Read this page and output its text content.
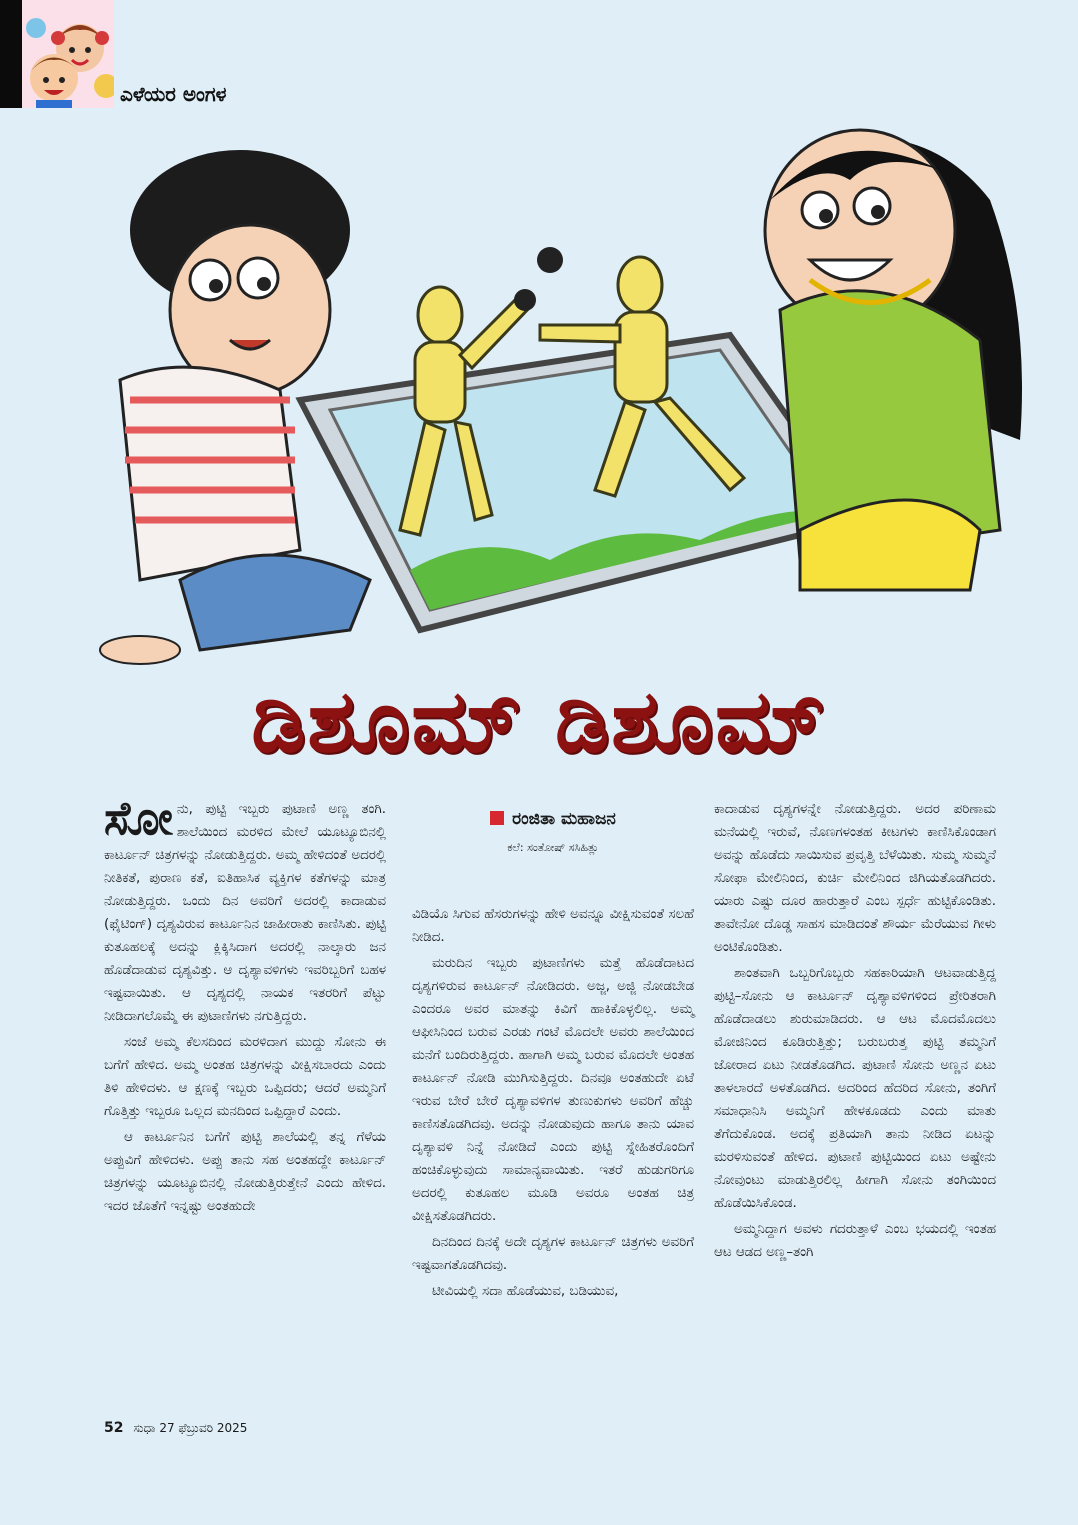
ಎಳೆಯರ ಅಂಗಳ
ಡಿಶೂಮ್ ಡಿಶೂಮ್

ಸೋನು, ಪುಟ್ಟಿ ಇಬ್ಬರು ಪುಟಾಣಿ ಅಣ್ಣ ತಂಗಿ. ಶಾಲೆಯಿಂದ ಮರಳಿದ ಮೇಲೆ ಯೂಟ್ಯೂಬಿನಲ್ಲಿ ಕಾರ್ಟೂನ್ ಚಿತ್ರಗಳನ್ನು ನೋಡುತ್ತಿದ್ದರು. ಅಮ್ಮ ಹೇಳಿದಂತೆ ಅದರಲ್ಲಿ ನೀತಿಕತೆ, ಪುರಾಣ ಕತೆ, ಐತಿಹಾಸಿಕ ವ್ಯಕ್ತಿಗಳ ಕತೆಗಳನ್ನು ಮಾತ್ರ ನೋಡುತ್ತಿದ್ದರು. ಒಂದು ದಿನ ಅವರಿಗೆ ಅದರಲ್ಲಿ ಕಾದಾಡುವ (ಫೈಟಿಂಗ್) ದೃಶ್ಯವಿರುವ ಕಾರ್ಟೂನಿನ ಜಾಹೀರಾತು ಕಾಣಿಸಿತು. ಪುಟ್ಟಿ ಕುತೂಹಲಕ್ಕೆ ಅದನ್ನು ಕ್ಲಿಕ್ಕಿಸಿದಾಗ ಅದರಲ್ಲಿ ನಾಲ್ಕಾರು ಜನ ಹೊಡೆದಾಡುವ ದೃಶ್ಯವಿತ್ತು. ಆ ದೃಶ್ಯಾವಳಿಗಳು ಇವರಿಬ್ಬರಿಗೆ ಬಹಳ ಇಷ್ಟವಾಯಿತು. ಆ ದೃಶ್ಯದಲ್ಲಿ ನಾಯಕ ಇತರರಿಗೆ ಪೆಟ್ಟು ನೀಡಿದಾಗಲೊಮ್ಮೆ ಈ ಪುಟಾಣಿಗಳು ನಗುತ್ತಿದ್ದರು.

ಸಂಜೆ ಅಮ್ಮ ಕೆಲಸದಿಂದ ಮರಳಿದಾಗ ಮುದ್ದು ಸೋನು ಈ ಬಗೆಗೆ ಹೇಳಿದ. ಅಮ್ಮ ಅಂತಹ ಚಿತ್ರಗಳನ್ನು ವೀಕ್ಷಿಸಬಾರದು ಎಂದು ತಿಳಿ ಹೇಳಿದಳು. ಆ ಕ್ಷಣಕ್ಕೆ ಇಬ್ಬರು ಒಪ್ಪಿದರು; ಆದರೆ ಅಮ್ಮನಿಗೆ ಗೊತ್ತಿತ್ತು ಇಬ್ಬರೂ ಒಲ್ಲದ ಮನದಿಂದ ಒಪ್ಪಿದ್ದಾರೆ ಎಂದು.

ಆ ಕಾರ್ಟೂನಿನ ಬಗೆಗೆ ಪುಟ್ಟಿ ಶಾಲೆಯಲ್ಲಿ ತನ್ನ ಗೆಳೆಯ ಅಪ್ಪುವಿಗೆ ಹೇಳಿದಳು. ಅಪ್ಪು ತಾನು ಸಹ ಅಂತಹದ್ದೇ ಕಾರ್ಟೂನ್ ಚಿತ್ರಗಳನ್ನು ಯೂಟ್ಯೂಬಿನಲ್ಲಿ ನೋಡುತ್ತಿರುತ್ತೇನೆ ಎಂದು ಹೇಳಿದ. ಇದರ ಜೊತೆಗೆ ಇನ್ನಷ್ಟು ಅಂತಹುದೇ

ರಂಜಿತಾ ಮಹಾಜನ
ಕಲೆ: ಸಂತೋಷ್ ಸಸಿಹಿತ್ಲು

ವಿಡಿಯೊ ಸಿಗುವ ಹೆಸರುಗಳನ್ನು ಹೇಳಿ ಅವನ್ನೂ ವೀಕ್ಷಿಸುವಂತೆ ಸಲಹೆ ನೀಡಿದ.

ಮರುದಿನ ಇಬ್ಬರು ಪುಟಾಣಿಗಳು ಮತ್ತೆ ಹೊಡೆದಾಟದ ದೃಶ್ಯಗಳಿರುವ ಕಾರ್ಟೂನ್ ನೋಡಿದರು. ಅಜ್ಜ, ಅಜ್ಜಿ ನೋಡಬೇಡ ಎಂದರೂ ಅವರ ಮಾತನ್ನು ಕಿವಿಗೆ ಹಾಕಿಕೊಳ್ಳಲಿಲ್ಲ. ಅಮ್ಮ ಆಫೀಸಿನಿಂದ ಬರುವ ಎರಡು ಗಂಟೆ ಮೊದಲೇ ಅವರು ಶಾಲೆಯಿಂದ ಮನೆಗೆ ಬಂದಿರುತ್ತಿದ್ದರು. ಹಾಗಾಗಿ ಅಮ್ಮ ಬರುವ ಮೊದಲೇ ಅಂತಹ ಕಾರ್ಟೂನ್ ನೋಡಿ ಮುಗಿಸುತ್ತಿದ್ದರು. ದಿನವೂ ಅಂತಹುದೇ ಏಟೆ ಇರುವ ಬೇರೆ ಬೇರೆ ದೃಶ್ಯಾವಳಿಗಳ ತುಣುಕುಗಳು ಅವರಿಗೆ ಹೆಚ್ಚು ಕಾಣಿಸತೊಡಗಿದವು. ಅದನ್ನು ನೋಡುವುದು ಹಾಗೂ ತಾನು ಯಾವ ದೃಶ್ಯಾವಳಿ ನಿನ್ನೆ ನೋಡಿದೆ ಎಂದು ಪುಟ್ಟಿ ಸ್ನೇಹಿತರೊಂದಿಗೆ ಹಂಚಿಕೊಳ್ಳುವುದು ಸಾಮಾನ್ಯವಾಯಿತು. ಇತರೆ ಹುಡುಗರಿಗೂ ಅದರಲ್ಲಿ ಕುತೂಹಲ ಮೂಡಿ ಅವರೂ ಅಂತಹ ಚಿತ್ರ ವೀಕ್ಷಿಸತೊಡಗಿದರು.

ದಿನದಿಂದ ದಿನಕ್ಕೆ ಅದೇ ದೃಶ್ಯಗಳ ಕಾರ್ಟೂನ್ ಚಿತ್ರಗಳು ಅವರಿಗೆ ಇಷ್ಟವಾಗತೊಡಗಿದವು.

ಟೀವಿಯಲ್ಲಿ ಸದಾ ಹೊಡೆಯುವ, ಬಡಿಯುವ,

ಕಾದಾಡುವ ದೃಶ್ಯಗಳನ್ನೇ ನೋಡುತ್ತಿದ್ದರು. ಅದರ ಪರಿಣಾಮ ಮನೆಯಲ್ಲಿ ಇರುವೆ, ನೊಣಗಳಂತಹ ಕೀಟಗಳು ಕಾಣಿಸಿಕೊಂಡಾಗ ಅವನ್ನು ಹೊಡೆದು ಸಾಯಿಸುವ ಪ್ರವೃತ್ತಿ ಬೆಳೆಯಿತು. ಸುಮ್ಮ ಸುಮ್ಮನೆ ಸೋಫಾ ಮೇಲಿನಿಂದ, ಕುರ್ಚಿ ಮೇಲಿನಿಂದ ಜಿಗಿಯತೊಡಗಿದರು. ಯಾರು ಎಷ್ಟು ದೂರ ಹಾರುತ್ತಾರೆ ಎಂಬ ಸ್ಪರ್ಧೆ ಹುಟ್ಟಿಕೊಂಡಿತು. ತಾವೇನೋ ದೊಡ್ಡ ಸಾಹಸ ಮಾಡಿದಂತೆ ಶೌರ್ಯ ಮೆರೆಯುವ ಗೀಳು ಅಂಟಿಕೊಂಡಿತು.

ಶಾಂತವಾಗಿ ಒಬ್ಬರಿಗೊಬ್ಬರು ಸಹಕಾರಿಯಾಗಿ ಆಟವಾಡುತ್ತಿದ್ದ ಪುಟ್ಟಿ–ಸೋನು ಆ ಕಾರ್ಟೂನ್ ದೃಶ್ಯಾವಳಿಗಳಿಂದ ಪ್ರೇರಿತರಾಗಿ ಹೊಡೆದಾಡಲು ಶುರುಮಾಡಿದರು. ಆ ಆಟ ಮೊದಮೊದಲು ಮೋಜಿನಿಂದ ಕೂಡಿರುತ್ತಿತ್ತು; ಬರುಬರುತ್ತ ಪುಟ್ಟಿ ತಮ್ಮನಿಗೆ ಜೋರಾದ ಏಟು ನೀಡತೊಡಗಿದ. ಪುಟಾಣಿ ಸೋನು ಅಣ್ಣನ ಏಟು ತಾಳಲಾರದೆ ಅಳತೊಡಗಿದ. ಅದರಿಂದ ಹೆದರಿದ ಸೋನು, ತಂಗಿಗೆ ಸಮಾಧಾನಿಸಿ ಅಮ್ಮನಿಗೆ ಹೇಳಕೂಡದು ಎಂದು ಮಾತು ತೆಗೆದುಕೊಂಡ. ಅದಕ್ಕೆ ಪ್ರತಿಯಾಗಿ ತಾನು ನೀಡಿದ ಏಟನ್ನು ಮರಳಿಸುವಂತೆ ಹೇಳಿದ. ಪುಟಾಣಿ ಪುಟ್ಟಿಯಿಂದ ಏಟು ಅಷ್ಟೇನು ನೋವುಂಟು ಮಾಡುತ್ತಿರಲಿಲ್ಲ ಹೀಗಾಗಿ ಸೋನು ತಂಗಿಯಿಂದ ಹೊಡೆಯಿಸಿಕೊಂಡ.

ಅಮ್ಮನಿದ್ದಾಗ ಅವಳು ಗದರುತ್ತಾಳೆ ಎಂಬ ಭಯದಲ್ಲಿ ಇಂತಹ ಆಟ ಆಡದ ಅಣ್ಣ–ತಂಗಿ

52 ಸುಧಾ 27 ಫೆಬ್ರುವರಿ 2025
